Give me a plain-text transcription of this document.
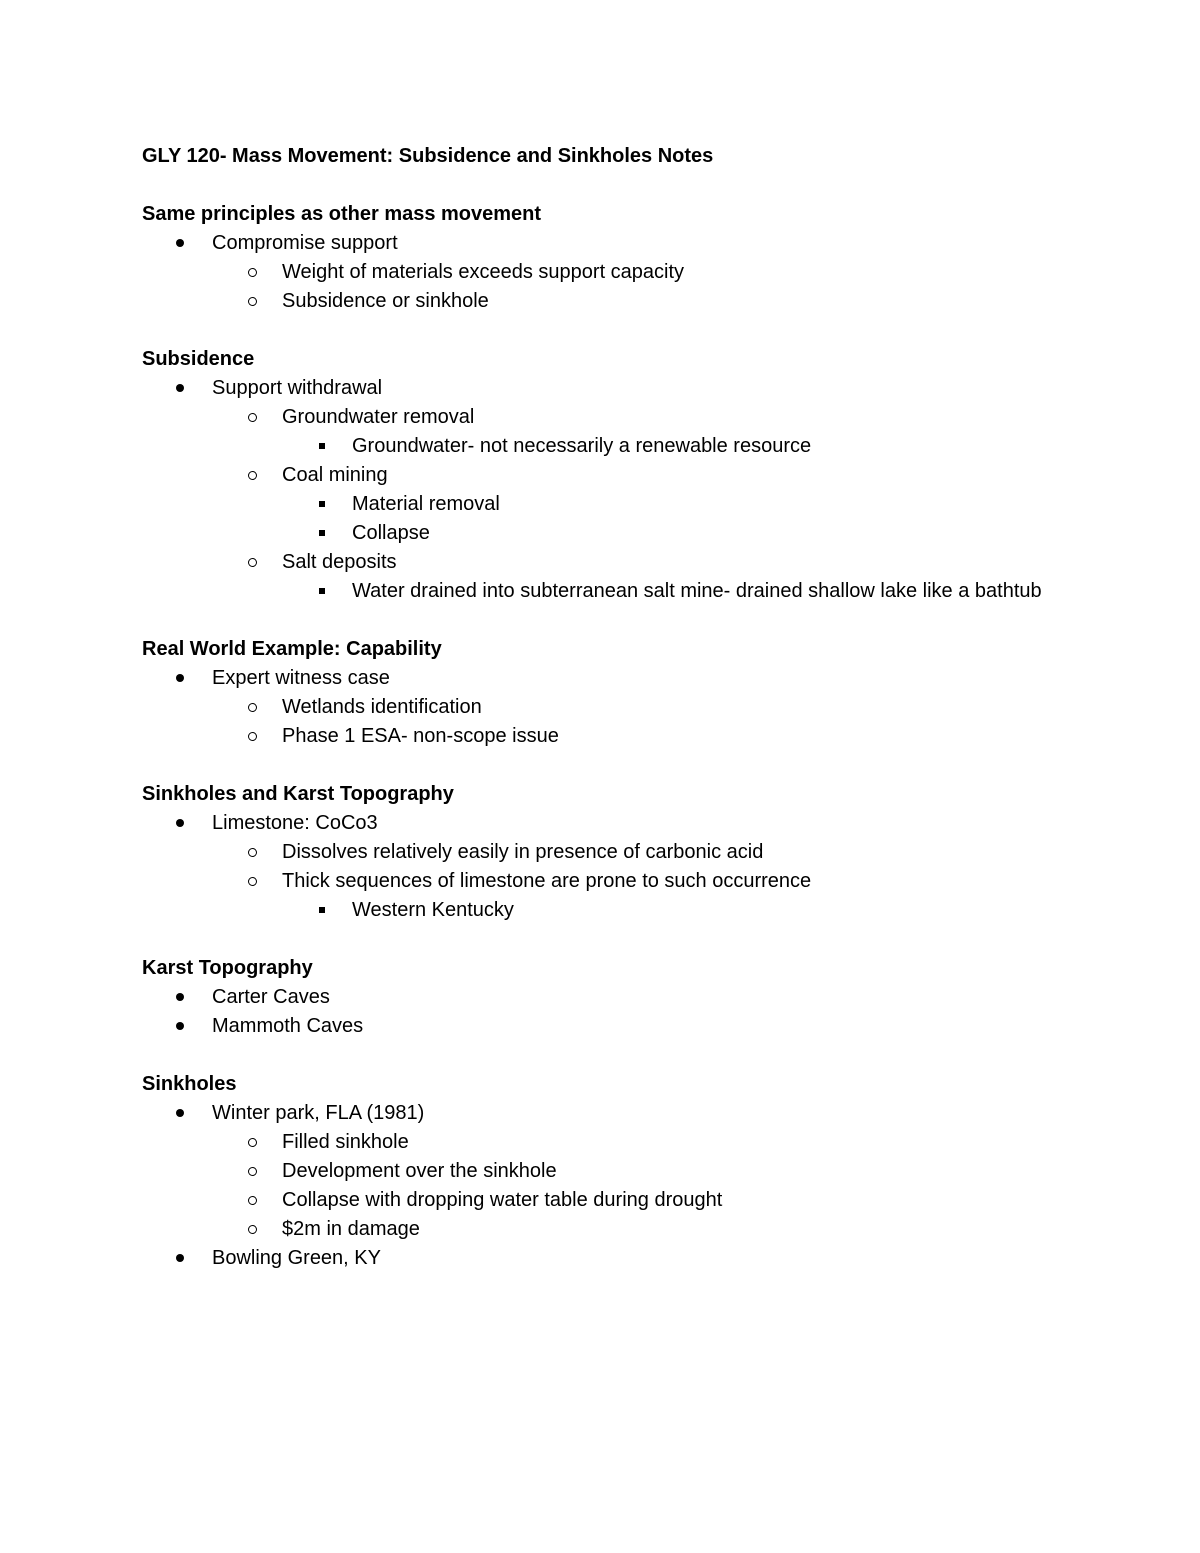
GLY 120- Mass Movement: Subsidence and Sinkholes Notes
Same principles as other mass movement
Compromise support
Weight of materials exceeds support capacity
Subsidence or sinkhole
Subsidence
Support withdrawal
Groundwater removal
Groundwater- not necessarily a renewable resource
Coal mining
Material removal
Collapse
Salt deposits
Water drained into subterranean salt mine- drained shallow lake like a bathtub
Real World Example: Capability
Expert witness case
Wetlands identification
Phase 1 ESA- non-scope issue
Sinkholes and Karst Topography
Limestone: CoCo3
Dissolves relatively easily in presence of carbonic acid
Thick sequences of limestone are prone to such occurrence
Western Kentucky
Karst Topography
Carter Caves
Mammoth Caves
Sinkholes
Winter park, FLA (1981)
Filled sinkhole
Development over the sinkhole
Collapse with dropping water table during drought
$2m in damage
Bowling Green, KY
